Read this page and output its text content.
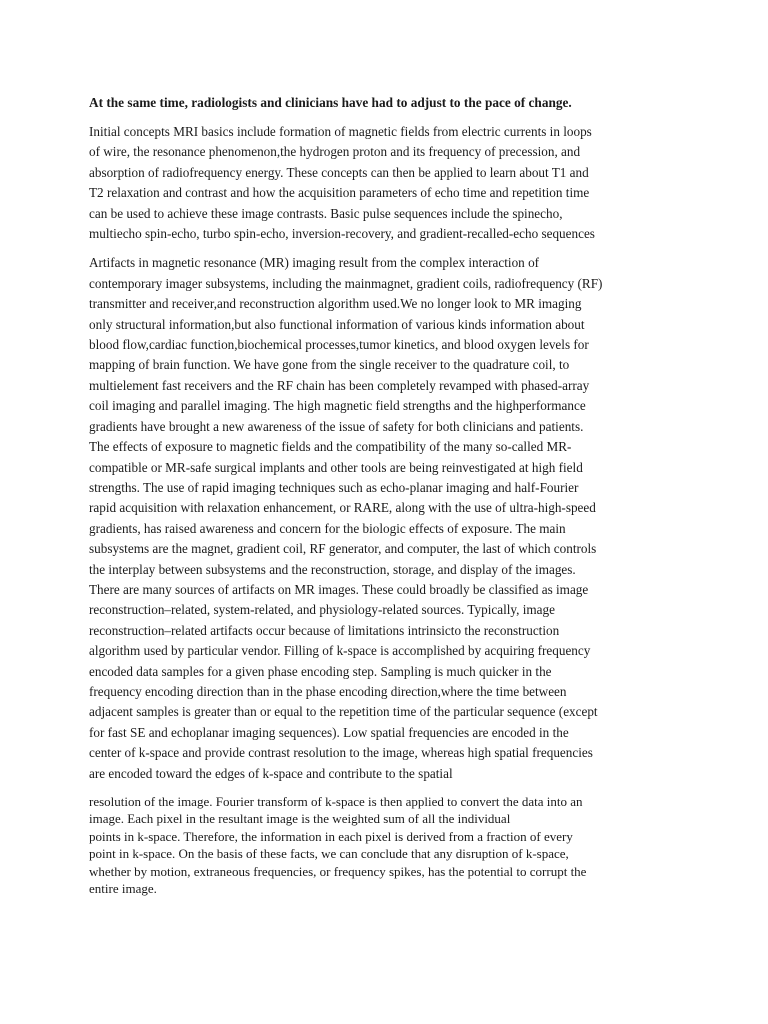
At the same time, radiologists and clinicians have had to adjust to the pace of change.

Initial concepts MRI basics include formation of magnetic fields from electric currents in loops
of wire, the resonance phenomenon,the hydrogen proton and its frequency of precession, and
absorption of radiofrequency energy. These concepts can then be applied to learn about T1 and
T2 relaxation and contrast and how the acquisition parameters of echo time and repetition time
can be used to achieve these image contrasts. Basic pulse sequences include the spinecho,
multiecho spin-echo, turbo spin-echo, inversion-recovery, and gradient-recalled-echo sequences

Artifacts in magnetic resonance (MR) imaging result from the complex interaction of
contemporary imager subsystems, including the mainmagnet, gradient coils, radiofrequency (RF)
transmitter and receiver,and reconstruction algorithm used.We no longer look to MR imaging
only structural information,but also functional information of various kinds information about
blood flow,cardiac function,biochemical processes,tumor kinetics, and blood oxygen levels for
mapping of brain function. We have gone from the single receiver to the quadrature coil, to
multielement fast receivers and the RF chain has been completely revamped with phased-array
coil imaging and parallel imaging. The high magnetic field strengths and the highperformance
gradients have brought a new awareness of the issue of safety for both clinicians and patients.
The effects of exposure to magnetic fields and the compatibility of the many so-called MR-
compatible or MR-safe surgical implants and other tools are being reinvestigated at high field
strengths. The use of rapid imaging techniques such as echo-planar imaging and half-Fourier
rapid acquisition with relaxation enhancement, or RARE, along with the use of ultra-high-speed
gradients, has raised awareness and concern for the biologic effects of exposure. The main
subsystems are the magnet, gradient coil, RF generator, and computer, the last of which controls
the interplay between subsystems and the reconstruction, storage, and display of the images.
There are many sources of artifacts on MR images. These could broadly be classified as image
reconstruction–related, system-related, and physiology-related sources. Typically, image
reconstruction–related artifacts occur because of limitations intrinsicto the reconstruction
algorithm used by particular vendor. Filling of k-space is accomplished by acquiring frequency
encoded data samples for a given phase encoding step. Sampling is much quicker in the
frequency encoding direction than in the phase encoding direction,where the time between
adjacent samples is greater than or equal to the repetition time of the particular sequence (except
for fast SE and echoplanar imaging sequences). Low spatial frequencies are encoded in the
center of k-space and provide contrast resolution to the image, whereas high spatial frequencies
are encoded toward the edges of k-space and contribute to the spatial

resolution of the image. Fourier transform of k-space is then applied to convert the data into an
image. Each pixel in the resultant image is the weighted sum of all the individual
points in k-space. Therefore, the information in each pixel is derived from a fraction of every
point in k-space. On the basis of these facts, we can conclude that any disruption of k-space,
whether by motion, extraneous frequencies, or frequency spikes, has the potential to corrupt the
entire image.
